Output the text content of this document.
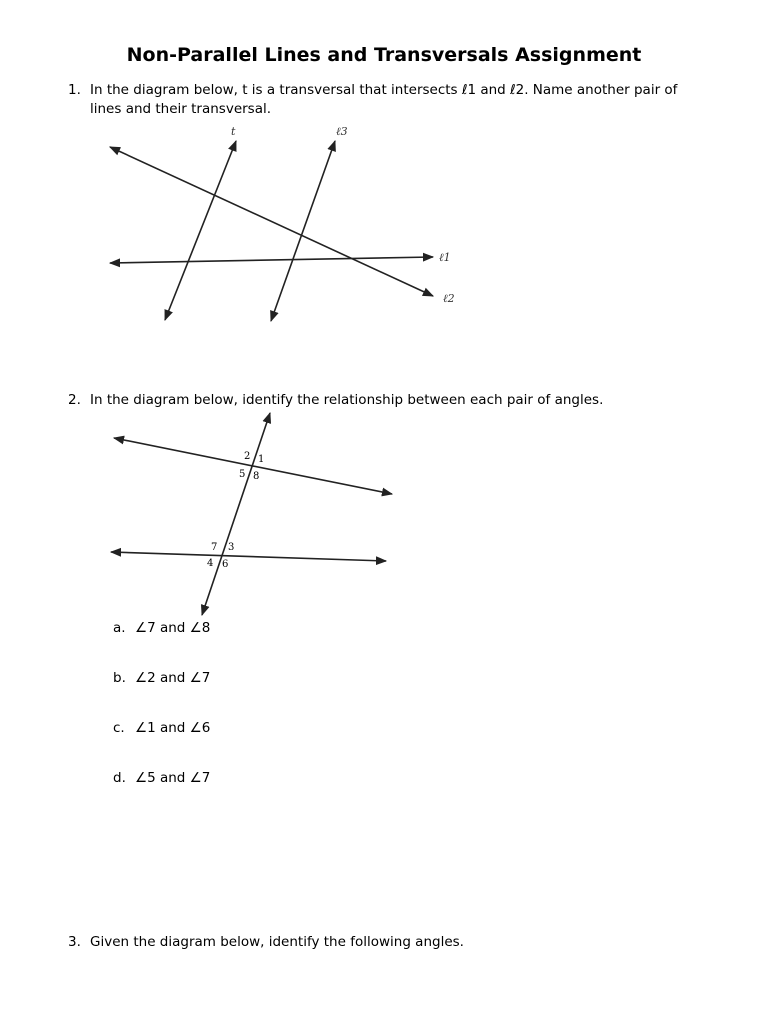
Non-Parallel Lines and Transversals Assignment
1. In the diagram below, t is a transversal that intersects ℓ1 and ℓ2. Name another pair of lines and their transversal.
t	ℓ3
ℓ1
ℓ2
2. In the diagram below, identify the relationship between each pair of angles.
2 1
5 8
7 3
4 6
a. ∠7 and ∠8
b. ∠2 and ∠7
c. ∠1 and ∠6
d. ∠5 and ∠7
3. Given the diagram below, identify the following angles.
